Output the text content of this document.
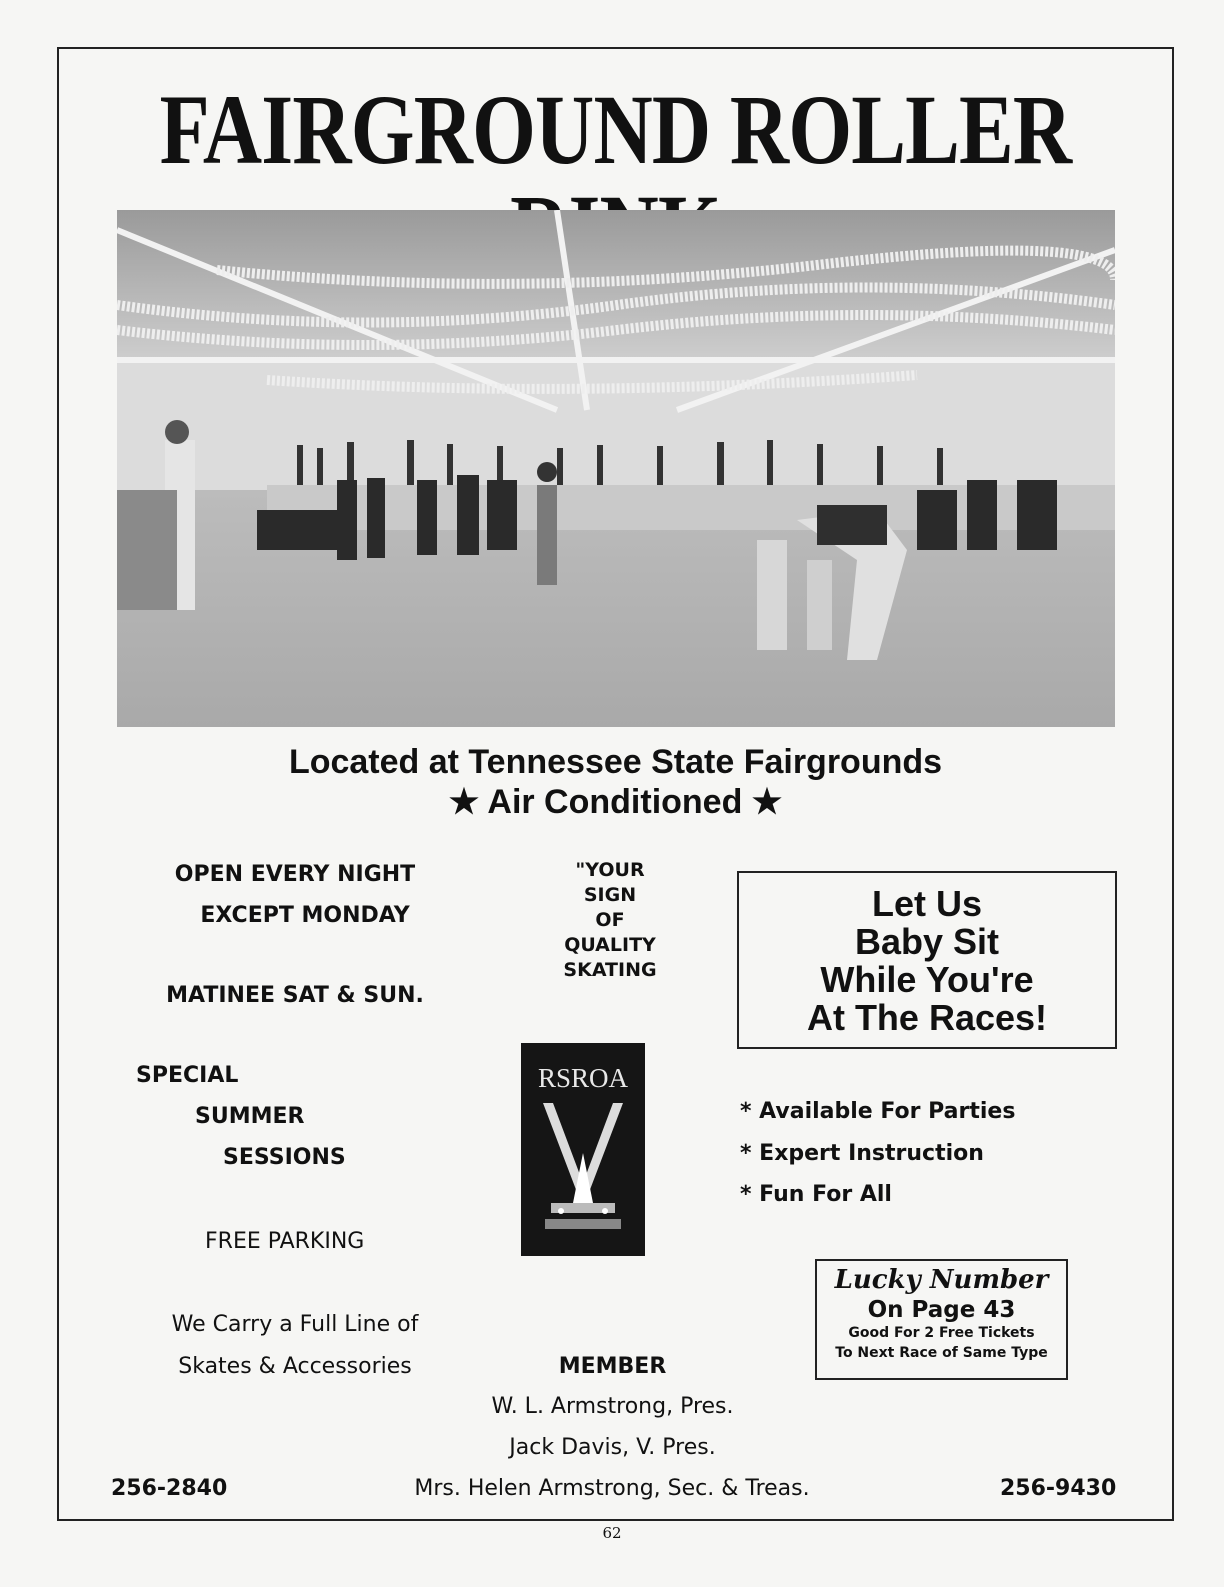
FAIRGROUND ROLLER
Located at Tennessee State Fairgrounds
★ Air Conditioned ★
OPEN EVERY NIGHT
EXCEPT MONDAY
MATINEE SAT & SUN.
SPECIAL
SUMMER
SESSIONS
FREE PARKING
We Carry a Full Line of
Skates & Accessories
256-2840
"YOUR
SIGN
OF
QUALITY
SKATING
RSROA
MEMBER
W. L. Armstrong, Pres.
Jack Davis, V. Pres.
Mrs. Helen Armstrong, Sec. & Treas.
Let Us
Baby Sit
While You're
At The Races!
* Available For Parties
* Expert Instruction
* Fun For All
Lucky Number
On Page 43
Good For 2 Free Tickets
To Next Race of Same Type
256-9430
62
